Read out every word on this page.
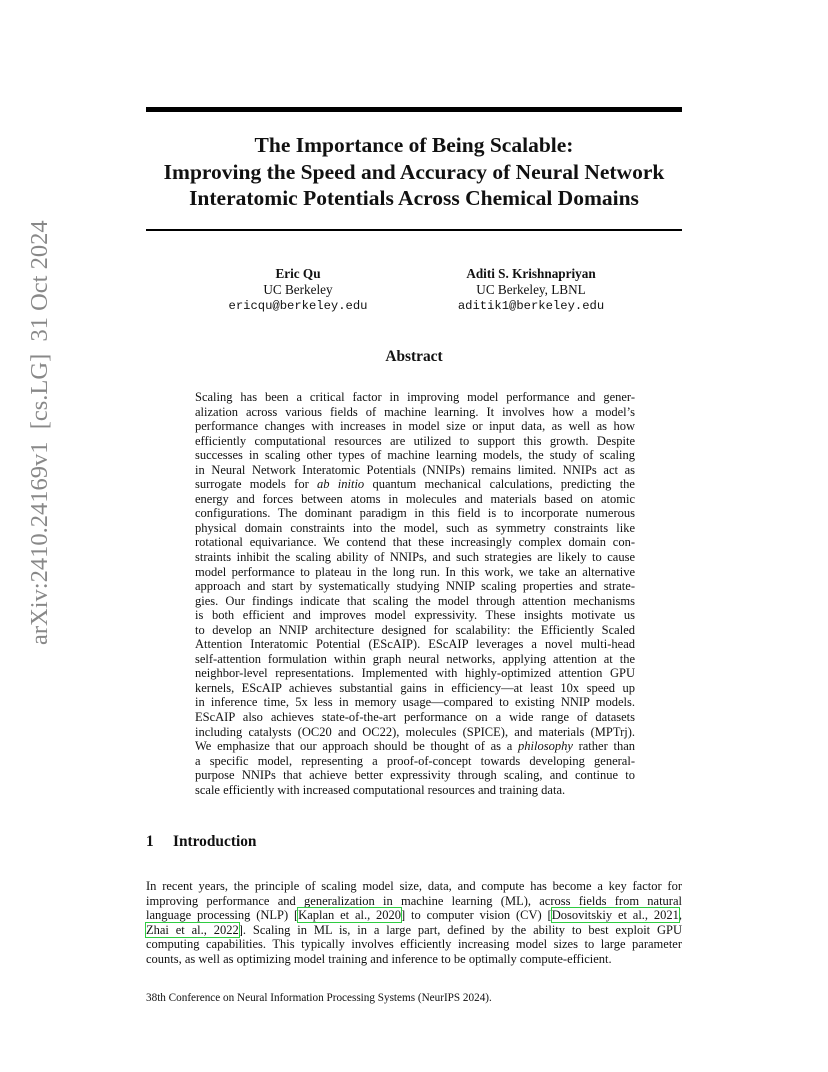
arXiv:2410.24169v1  [cs.LG]  31 Oct 2024
The Importance of Being Scalable:
Improving the Speed and Accuracy of Neural Network
Interatomic Potentials Across Chemical Domains
Eric Qu
UC Berkeley
ericqu@berkeley.edu
Aditi S. Krishnapriyan
UC Berkeley, LBNL
aditik1@berkeley.edu
Abstract
Scaling has been a critical factor in improving model performance and gener-
alization across various fields of machine learning. It involves how a model’s
performance changes with increases in model size or input data, as well as how
efficiently computational resources are utilized to support this growth. Despite
successes in scaling other types of machine learning models, the study of scaling
in Neural Network Interatomic Potentials (NNIPs) remains limited. NNIPs act as
surrogate models for ab initio quantum mechanical calculations, predicting the
energy and forces between atoms in molecules and materials based on atomic
configurations. The dominant paradigm in this field is to incorporate numerous
physical domain constraints into the model, such as symmetry constraints like
rotational equivariance. We contend that these increasingly complex domain con-
straints inhibit the scaling ability of NNIPs, and such strategies are likely to cause
model performance to plateau in the long run. In this work, we take an alternative
approach and start by systematically studying NNIP scaling properties and strate-
gies. Our findings indicate that scaling the model through attention mechanisms
is both efficient and improves model expressivity. These insights motivate us
to develop an NNIP architecture designed for scalability: the Efficiently Scaled
Attention Interatomic Potential (EScAIP). EScAIP leverages a novel multi-head
self-attention formulation within graph neural networks, applying attention at the
neighbor-level representations. Implemented with highly-optimized attention GPU
kernels, EScAIP achieves substantial gains in efficiency—at least 10x speed up
in inference time, 5x less in memory usage—compared to existing NNIP models.
EScAIP also achieves state-of-the-art performance on a wide range of datasets
including catalysts (OC20 and OC22), molecules (SPICE), and materials (MPTrj).
We emphasize that our approach should be thought of as a philosophy rather than
a specific model, representing a proof-of-concept towards developing general-
purpose NNIPs that achieve better expressivity through scaling, and continue to
scale efficiently with increased computational resources and training data.
1 Introduction
In recent years, the principle of scaling model size, data, and compute has become a key factor for
improving performance and generalization in machine learning (ML), across fields from natural
language processing (NLP) [Kaplan et al., 2020] to computer vision (CV) [Dosovitskiy et al., 2021,
Zhai et al., 2022]. Scaling in ML is, in a large part, defined by the ability to best exploit GPU
computing capabilities. This typically involves efficiently increasing model sizes to large parameter
counts, as well as optimizing model training and inference to be optimally compute-efficient.
38th Conference on Neural Information Processing Systems (NeurIPS 2024).
